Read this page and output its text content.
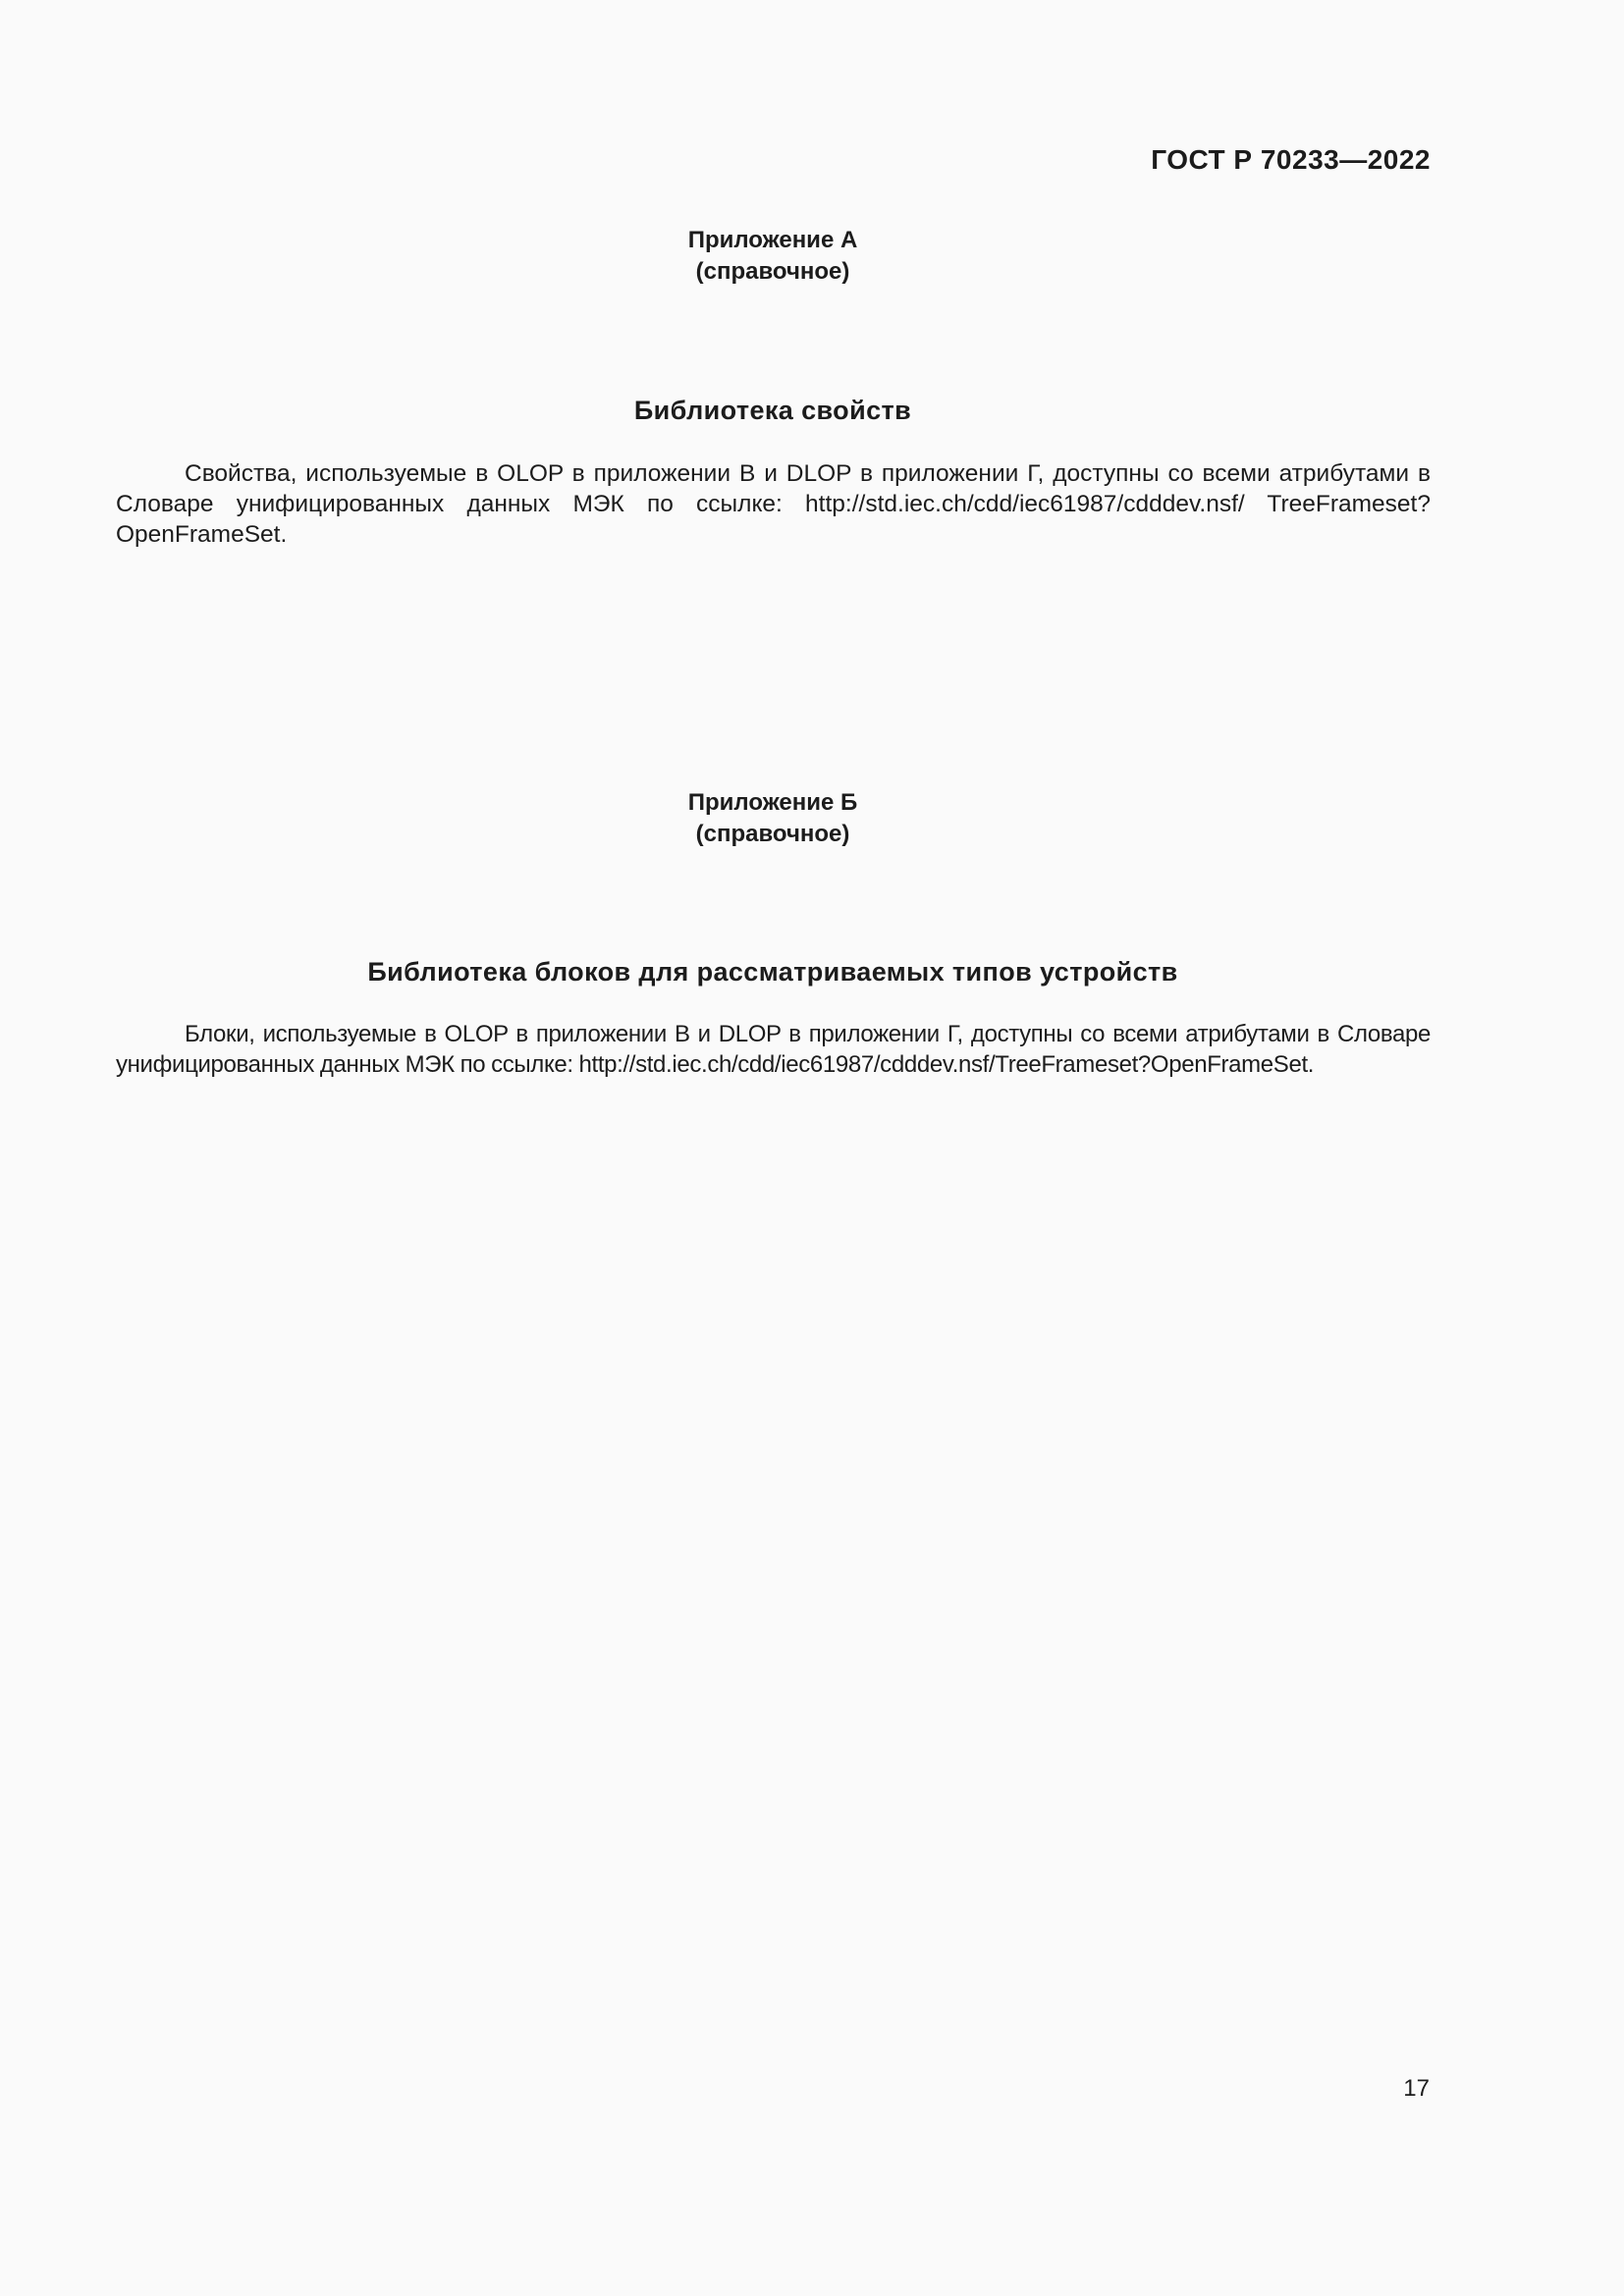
ГОСТ Р 70233—2022
Приложение А
(справочное)
Библиотека свойств

Свойства, используемые в OLOP в приложении В и DLOP в приложении Г, доступны со всеми атрибутами в Словаре унифицированных данных МЭК по ссылке: http://std.iec.ch/cdd/iec61987/cdddev.nsf/ TreeFrameset?OpenFrameSet.

Приложение Б
(справочное)
Библиотека блоков для рассматриваемых типов устройств

Блоки, используемые в OLOP в приложении В и DLOP в приложении Г, доступны со всеми атрибутами в Словаре унифицированных данных МЭК по ссылке: http://std.iec.ch/cdd/iec61987/cdddev.nsf/TreeFrameset?OpenFrameSet.

17
